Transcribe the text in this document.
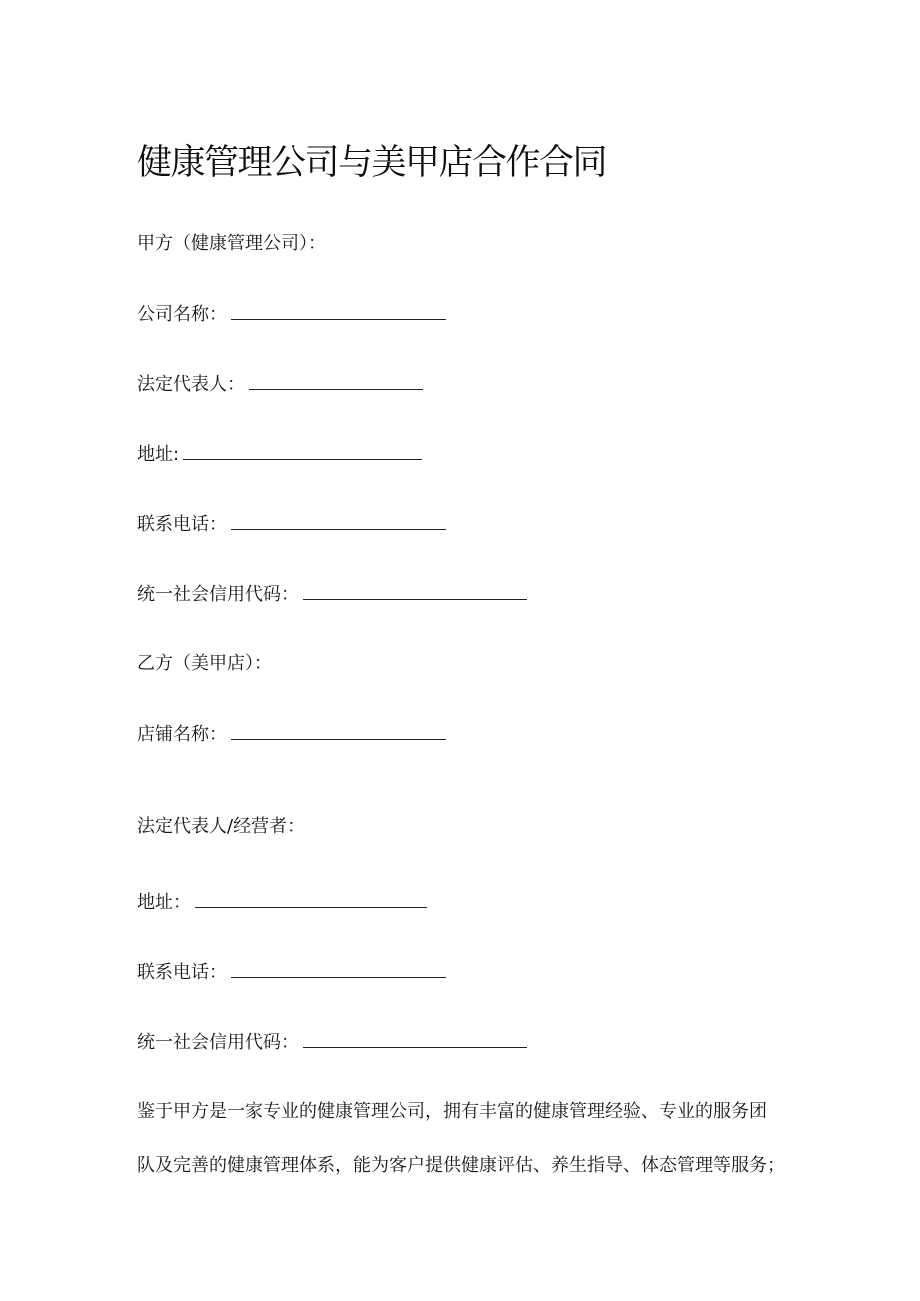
健康管理公司与美甲店合作合同
甲方（健康管理公司）：
公司名称：
法定代表人：
地址:
联系电话：
统一社会信用代码：
乙方（美甲店）：
店铺名称：
法定代表人/经营者：
地址：
联系电话：
统一社会信用代码：
鉴于甲方是一家专业的健康管理公司，拥有丰富的健康管理经验、专业的服务团
队及完善的健康管理体系，能为客户提供健康评估、养生指导、体态管理等服务；
